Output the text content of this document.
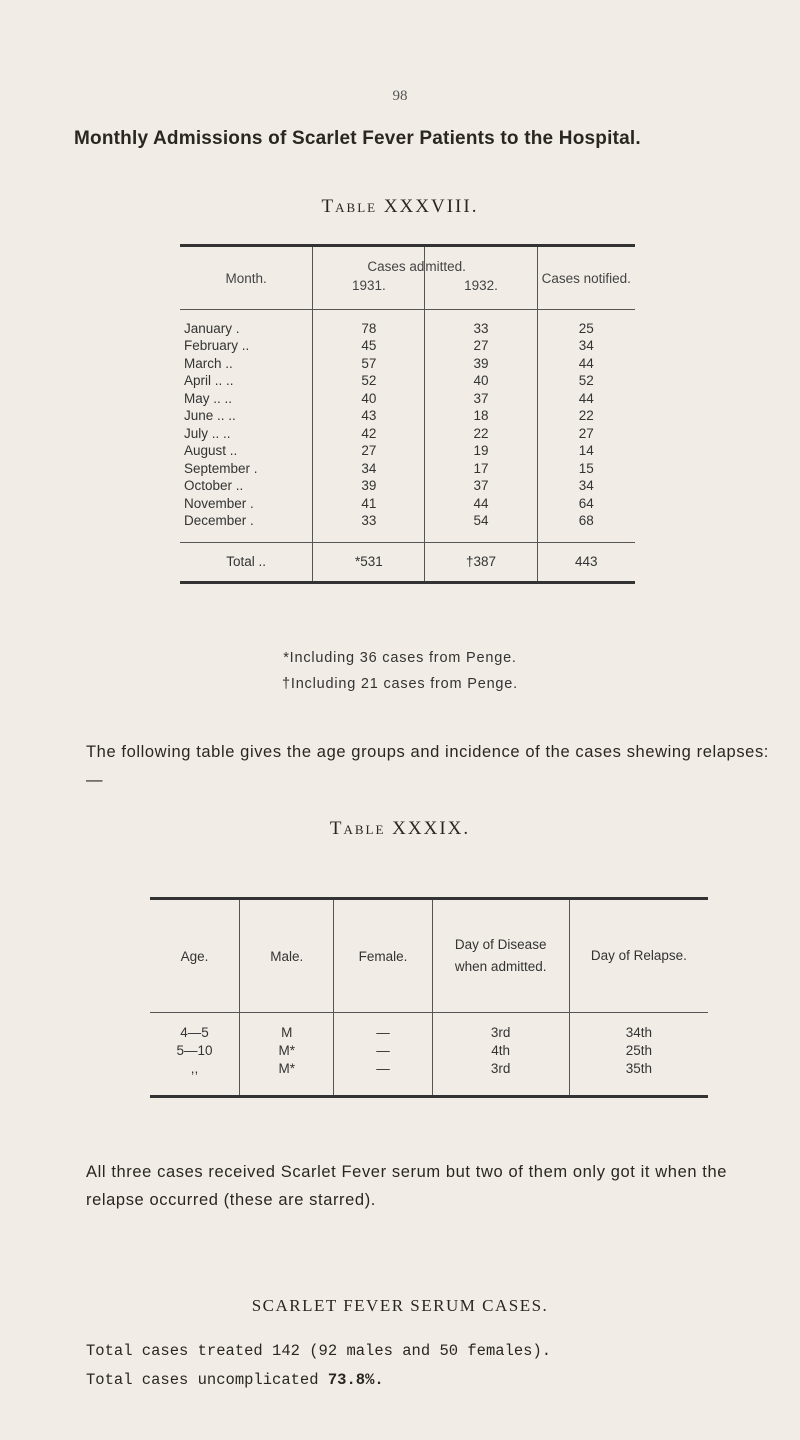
98
Monthly Admissions of Scarlet Fever Patients to the Hospital.
Table XXXVIII.
Month.	Cases ad	mitted.	Cases notified.
	1931.	1932.	

January .	78	33	25
February ..	45	27	34
March ..	57	39	44
April .. ..	52	40	52
May .. ..	40	37	44
June .. ..	43	18	22
July .. ..	42	22	27
August ..	27	19	14
September .	34	17	15
October ..	39	37	34
November .	41	44	64
December .	33	54	68

Total ..	*531	†387	443
*Including 36 cases from Penge.
†Including 21 cases from Penge.
The following table gives the age groups and incidence of the cases shewing relapses:—
Table XXXIX.
Age.	Male.	Female.	Day of Disease when admitted.	Day of Relapse.

4—5	M	—	3rd	34th
5—10	M*	—	4th	25th
,,	M*	—	3rd	35th

All three cases received Scarlet Fever serum but two of them only got it when the relapse occurred (these are starred).
SCARLET FEVER SERUM CASES.
Total cases treated 142 (92 males and 50 females).
Total cases uncomplicated 73.8%.
